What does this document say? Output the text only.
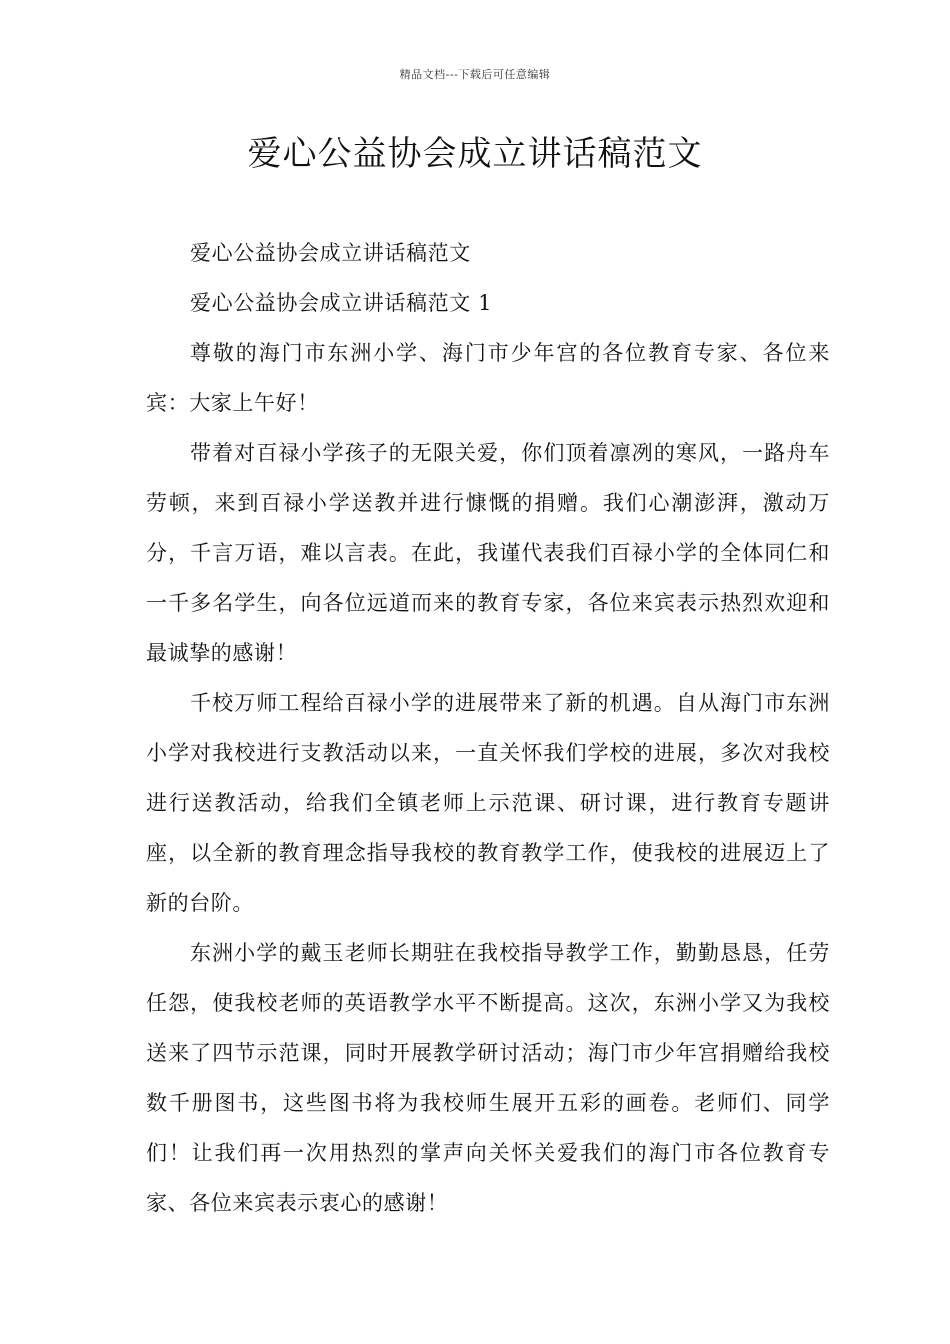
精品文档---下载后可任意编辑
爱心公益协会成立讲话稿范文

爱心公益协会成立讲话稿范文

爱心公益协会成立讲话稿范文 1

尊敬的海门市东洲小学、海门市少年宫的各位教育专家、各位来宾：大家上午好！

带着对百禄小学孩子的无限关爱，你们顶着凛冽的寒风，一路舟车劳顿，来到百禄小学送教并进行慷慨的捐赠。我们心潮澎湃，激动万分，千言万语，难以言表。在此，我谨代表我们百禄小学的全体同仁和一千多名学生，向各位远道而来的教育专家，各位来宾表示热烈欢迎和最诚挚的感谢！

千校万师工程给百禄小学的进展带来了新的机遇。自从海门市东洲小学对我校进行支教活动以来，一直关怀我们学校的进展，多次对我校进行送教活动，给我们全镇老师上示范课、研讨课，进行教育专题讲座，以全新的教育理念指导我校的教育教学工作，使我校的进展迈上了新的台阶。

东洲小学的戴玉老师长期驻在我校指导教学工作，勤勤恳恳，任劳任怨，使我校老师的英语教学水平不断提高。这次，东洲小学又为我校送来了四节示范课，同时开展教学研讨活动；海门市少年宫捐赠给我校数千册图书，这些图书将为我校师生展开五彩的画卷。老师们、同学们！让我们再一次用热烈的掌声向关怀关爱我们的海门市各位教育专家、各位来宾表示衷心的感谢！
